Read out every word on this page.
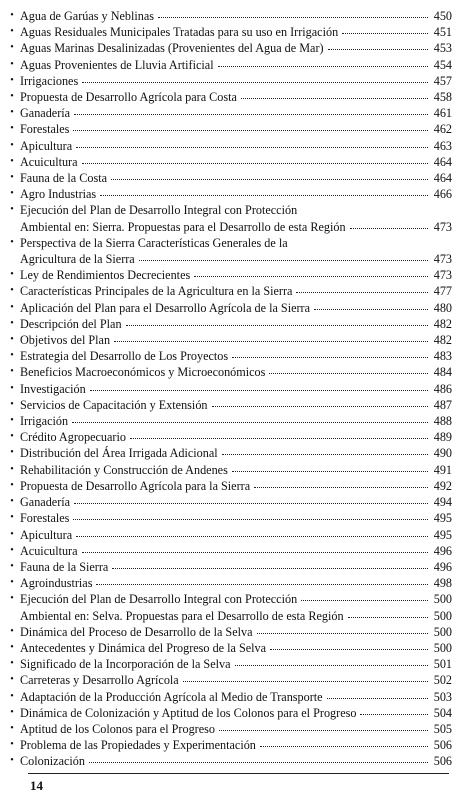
• Agua de Garúas y Neblinas	450
• Aguas Residuales Municipales Tratadas para su uso en Irrigación	451
• Aguas Marinas Desalinizadas (Provenientes del Agua de Mar)	453
• Aguas Provenientes de Lluvia Artificial	454
• Irrigaciones	457
• Propuesta de Desarrollo Agrícola para Costa	458
• Ganadería	461
• Forestales	462
• Apicultura	463
• Acuicultura	464
• Fauna de la Costa	464
• Agro Industrias	466
• Ejecución del Plan de Desarrollo Integral con Protección
Ambiental en: Sierra. Propuestas para el Desarrollo de esta Región	473
• Perspectiva de la Sierra Características Generales de la
Agricultura de la Sierra	473
• Ley de Rendimientos Decrecientes	473
• Características Principales de la Agricultura en la Sierra	477
• Aplicación del Plan para el Desarrollo Agrícola de la Sierra	480
• Descripción del Plan	482
• Objetivos del Plan	482
• Estrategia del Desarrollo de Los Proyectos	483
• Beneficios Macroeconómicos y Microeconómicos	484
• Investigación	486
• Servicios de Capacitación y Extensión	487
• Irrigación	488
• Crédito Agropecuario	489
• Distribución del Área Irrigada Adicional	490
• Rehabilitación y Construcción de Andenes	491
• Propuesta de Desarrollo Agrícola para la Sierra	492
• Ganadería	494
• Forestales	495
• Apicultura	495
• Acuicultura	496
• Fauna de la Sierra	496
• Agroindustrias	498
• Ejecución del Plan de Desarrollo Integral con Protección	500
Ambiental en: Selva. Propuestas para el Desarrollo de esta Región	500
• Dinámica del Proceso de Desarrollo de la Selva	500
• Antecedentes y Dinámica del Progreso de la Selva	500
• Significado de la Incorporación de la Selva	501
• Carreteras y Desarrollo Agrícola	502
• Adaptación de la Producción Agrícola al Medio de Transporte	503
• Dinámica de Colonización y Aptitud de los Colonos para el Progreso	504
• Aptitud de los Colonos para el Progreso	505
• Problema de las Propiedades y Experimentación	506
• Colonización	506
14
